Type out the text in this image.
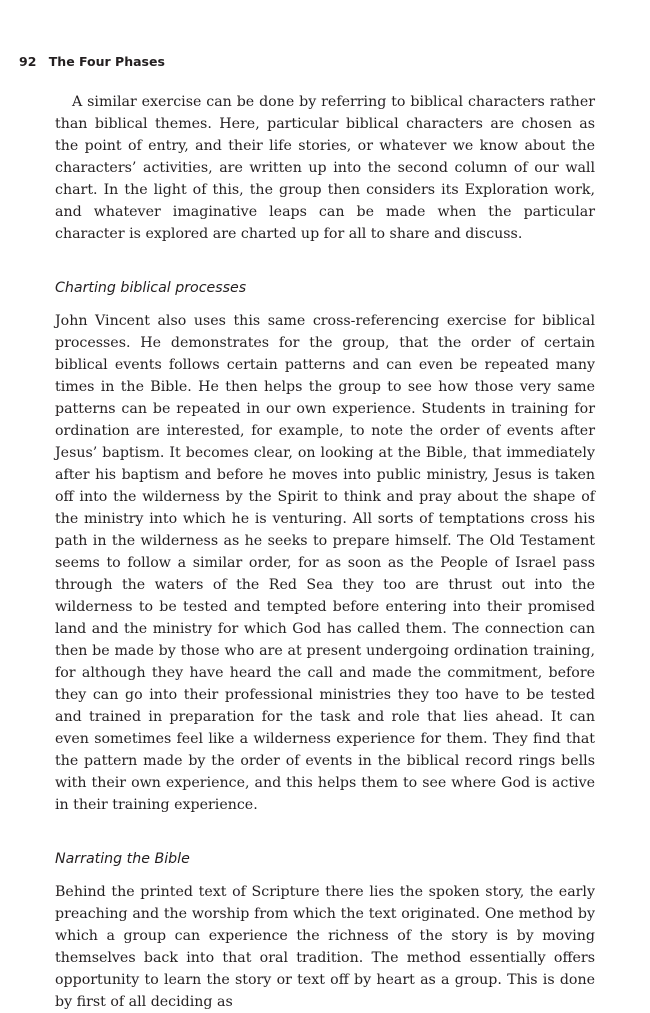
92 The Four Phases

A similar exercise can be done by referring to biblical characters rather than biblical themes. Here, particular biblical characters are chosen as the point of entry, and their life stories, or whatever we know about the characters’ activities, are written up into the second column of our wall chart. In the light of this, the group then considers its Exploration work, and whatever imaginative leaps can be made when the particular character is explored are charted up for all to share and discuss.

Charting biblical processes

John Vincent also uses this same cross-referencing exercise for biblical processes. He demonstrates for the group, that the order of certain biblical events follows certain patterns and can even be repeated many times in the Bible. He then helps the group to see how those very same patterns can be repeated in our own experience. Students in training for ordination are interested, for example, to note the order of events after Jesus’ baptism. It becomes clear, on looking at the Bible, that immediately after his baptism and before he moves into public ministry, Jesus is taken off into the wilderness by the Spirit to think and pray about the shape of the ministry into which he is venturing. All sorts of temptations cross his path in the wilderness as he seeks to prepare himself. The Old Testament seems to follow a similar order, for as soon as the People of Israel pass through the waters of the Red Sea they too are thrust out into the wilderness to be tested and tempted before entering into their promised land and the ministry for which God has called them. The connection can then be made by those who are at present undergoing ordination training, for although they have heard the call and made the commitment, before they can go into their professional ministries they too have to be tested and trained in preparation for the task and role that lies ahead. It can even sometimes feel like a wilderness experience for them. They find that the pattern made by the order of events in the biblical record rings bells with their own experience, and this helps them to see where God is active in their training experience.

Narrating the Bible

Behind the printed text of Scripture there lies the spoken story, the early preaching and the worship from which the text originated. One method by which a group can experience the richness of the story is by moving themselves back into that oral tradition. The method essentially offers opportunity to learn the story or text off by heart as a group. This is done by first of all deciding as
